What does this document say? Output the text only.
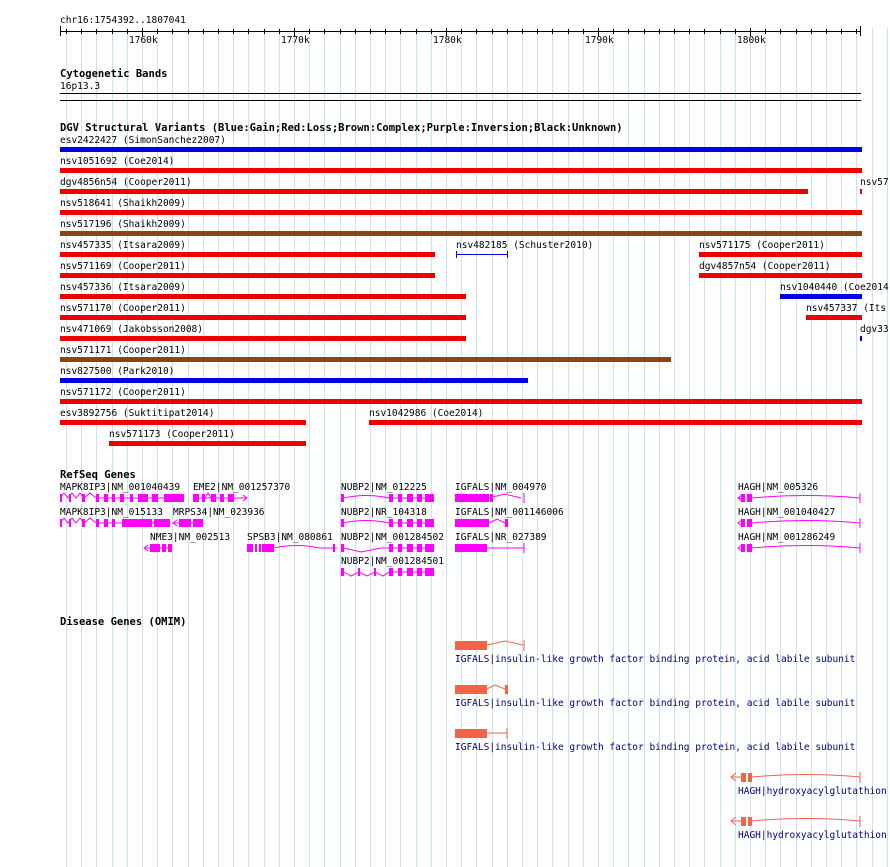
chr16:1754392..1807041
1760k	1770k	1780k	1790k	1800k
Cytogenetic Bands
16p13.3
DGV Structural Variants (Blue:Gain;Red:Loss;Brown:Complex;Purple:Inversion;Black:Unknown)
esv2422427 (SimonSanchez2007)
nsv1051692 (Coe2014)
dgv4856n54 (Cooper2011)	nsv57
nsv518641 (Shaikh2009)
nsv517196 (Shaikh2009)
nsv457335 (Itsara2009)	nsv482185 (Schuster2010)	nsv571175 (Cooper2011)
nsv571169 (Cooper2011)	dgv4857n54 (Cooper2011)
nsv457336 (Itsara2009)	nsv1040440 (Coe2014
nsv571170 (Cooper2011)	nsv457337 (Its
nsv471069 (Jakobsson2008)	dgv33
nsv571171 (Cooper2011)
nsv827500 (Park2010)
nsv571172 (Cooper2011)
esv3892756 (Suktitipat2014)	nsv1042986 (Coe2014)
nsv571173 (Cooper2011)
RefSeq Genes
MAPK8IP3|NM_001040439 EME2|NM_001257370	NUBP2|NM_012225	IGFALS|NM_004970	HAGH|NM_005326
MAPK8IP3|NM_015133 MRPS34|NM_023936	NUBP2|NR_104318	IGFALS|NM_001146006	HAGH|NM_001040427
NME3|NM_002513 SPSB3|NM_080861 NUBP2|NM_001284502 IGFALS|NR_027389	HAGH|NM_001286249
NUBP2|NM_001284501
Disease Genes (OMIM)
IGFALS|insulin-like growth factor binding protein, acid labile subunit
IGFALS|insulin-like growth factor binding protein, acid labile subunit
IGFALS|insulin-like growth factor binding protein, acid labile subunit
HAGH|hydroxyacylglutathion
HAGH|hydroxyacylglutathion
